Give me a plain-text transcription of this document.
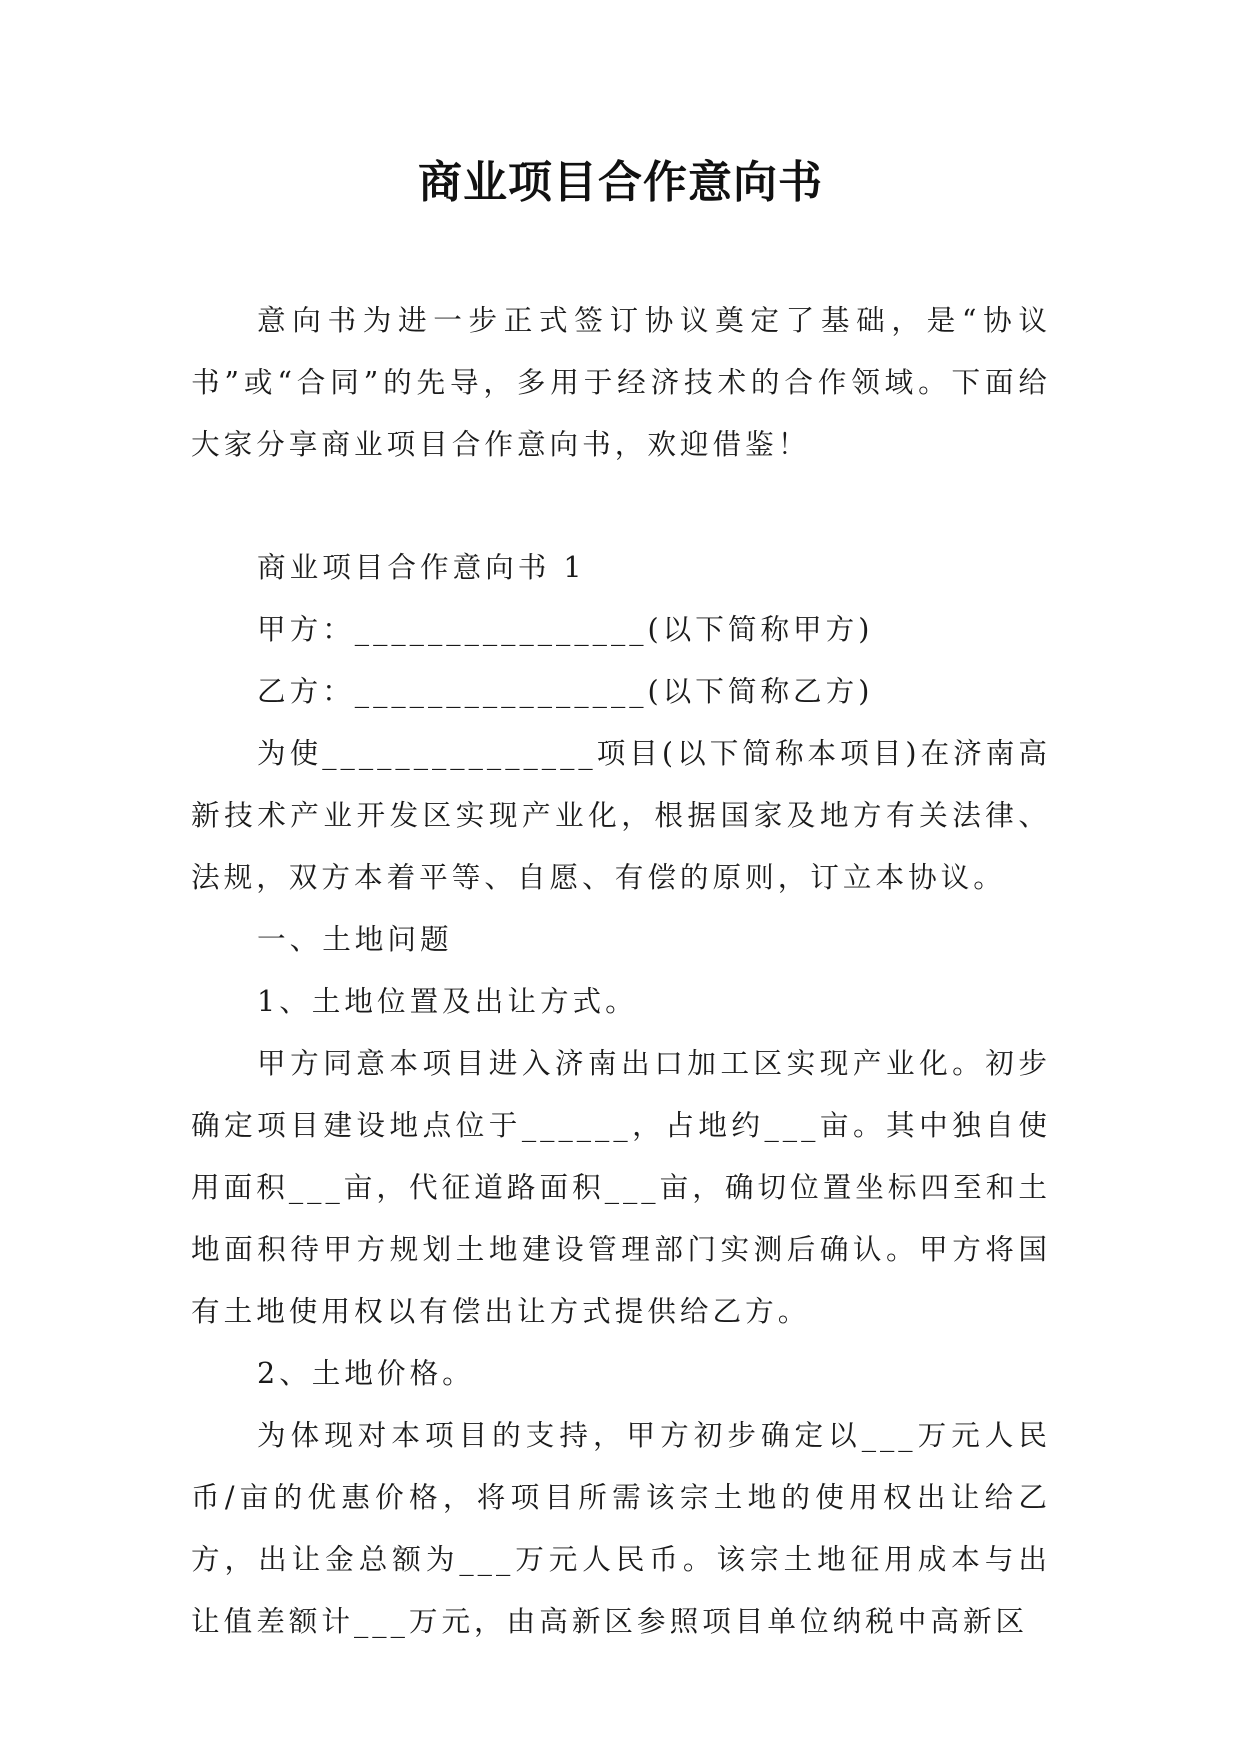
商业项目合作意向书

意向书为进一步正式签订协议奠定了基础，是“协议书”或“合同”的先导，多用于经济技术的合作领域。下面给大家分享商业项目合作意向书，欢迎借鉴！

商业项目合作意向书 1

甲方：________________(以下简称甲方)

乙方：________________(以下简称乙方)

为使_______________项目(以下简称本项目)在济南高新技术产业开发区实现产业化，根据国家及地方有关法律、法规，双方本着平等、自愿、有偿的原则，订立本协议。

一、土地问题

1、土地位置及出让方式。

甲方同意本项目进入济南出口加工区实现产业化。初步确定项目建设地点位于______，占地约___亩。其中独自使用面积___亩，代征道路面积___亩，确切位置坐标四至和土地面积待甲方规划土地建设管理部门实测后确认。甲方将国有土地使用权以有偿出让方式提供给乙方。

2、土地价格。

为体现对本项目的支持，甲方初步确定以___万元人民币/亩的优惠价格，将项目所需该宗土地的使用权出让给乙方，出让金总额为___万元人民币。该宗土地征用成本与出让值差额计___万元，由高新区参照项目单位纳税中高新区
